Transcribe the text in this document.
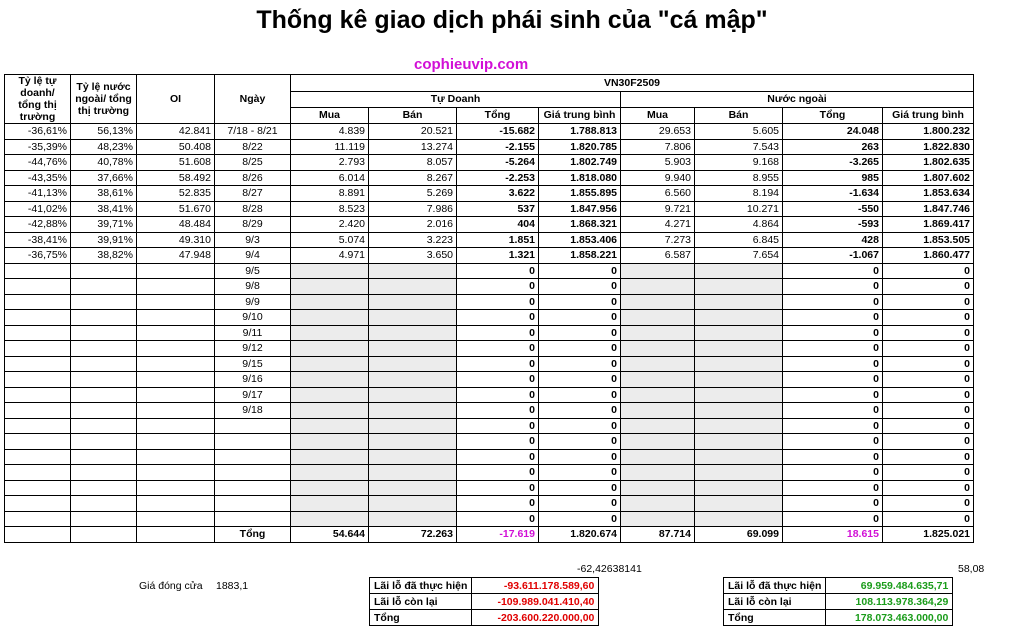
Thống kê giao dịch phái sinh của "cá mập"
cophieuvip.com
Tỷ lệ tự doanh/ tổng thị trường	Tỷ lệ nước ngoài/ tổng thị trường	OI	Ngày	VN30F2509							
				Tự Doanh				Nước ngoài			
				Mua	Bán	Tổng	Giá trung bình	Mua	Bán	Tổng	Giá trung bình
-36,61%	56,13%	42.841	7/18 - 8/21	4.839	20.521	-15.682	1.788.813	29.653	5.605	24.048	1.800.232
-35,39%	48,23%	50.408	8/22	11.119	13.274	-2.155	1.820.785	7.806	7.543	263	1.822.830
-44,76%	40,78%	51.608	8/25	2.793	8.057	-5.264	1.802.749	5.903	9.168	-3.265	1.802.635
-43,35%	37,66%	58.492	8/26	6.014	8.267	-2.253	1.818.080	9.940	8.955	985	1.807.602
-41,13%	38,61%	52.835	8/27	8.891	5.269	3.622	1.855.895	6.560	8.194	-1.634	1.853.634
-41,02%	38,41%	51.670	8/28	8.523	7.986	537	1.847.956	9.721	10.271	-550	1.847.746
-42,88%	39,71%	48.484	8/29	2.420	2.016	404	1.868.321	4.271	4.864	-593	1.869.417
-38,41%	39,91%	49.310	9/3	5.074	3.223	1.851	1.853.406	7.273	6.845	428	1.853.505
-36,75%	38,82%	47.948	9/4	4.971	3.650	1.321	1.858.221	6.587	7.654	-1.067	1.860.477
			9/5			0	0			0	0
			9/8			0	0			0	0
			9/9			0	0			0	0
			9/10			0	0			0	0
			9/11			0	0			0	0
			9/12			0	0			0	0
			9/15			0	0			0	0
			9/16			0	0			0	0
			9/17			0	0			0	0
			9/18			0	0			0	0
						0	0			0	0
						0	0			0	0
						0	0			0	0
						0	0			0	0
						0	0			0	0
						0	0			0	0
						0	0			0	0
			Tổng	54.644	72.263	-17.619	1.820.674	87.714	69.099	18.615	1.825.021
-62,42638141	58,08
Giá đóng cửa 1883,1	Lãi lỗ đã thực hiện	-93.611.178.589,60
Lãi lỗ còn lại	-109.989.041.410,40
Tổng	-203.600.220.000,00
Lãi lỗ đã thực hiện	69.959.484.635,71
Lãi lỗ còn lại	108.113.978.364,29
Tổng	178.073.463.000,00
